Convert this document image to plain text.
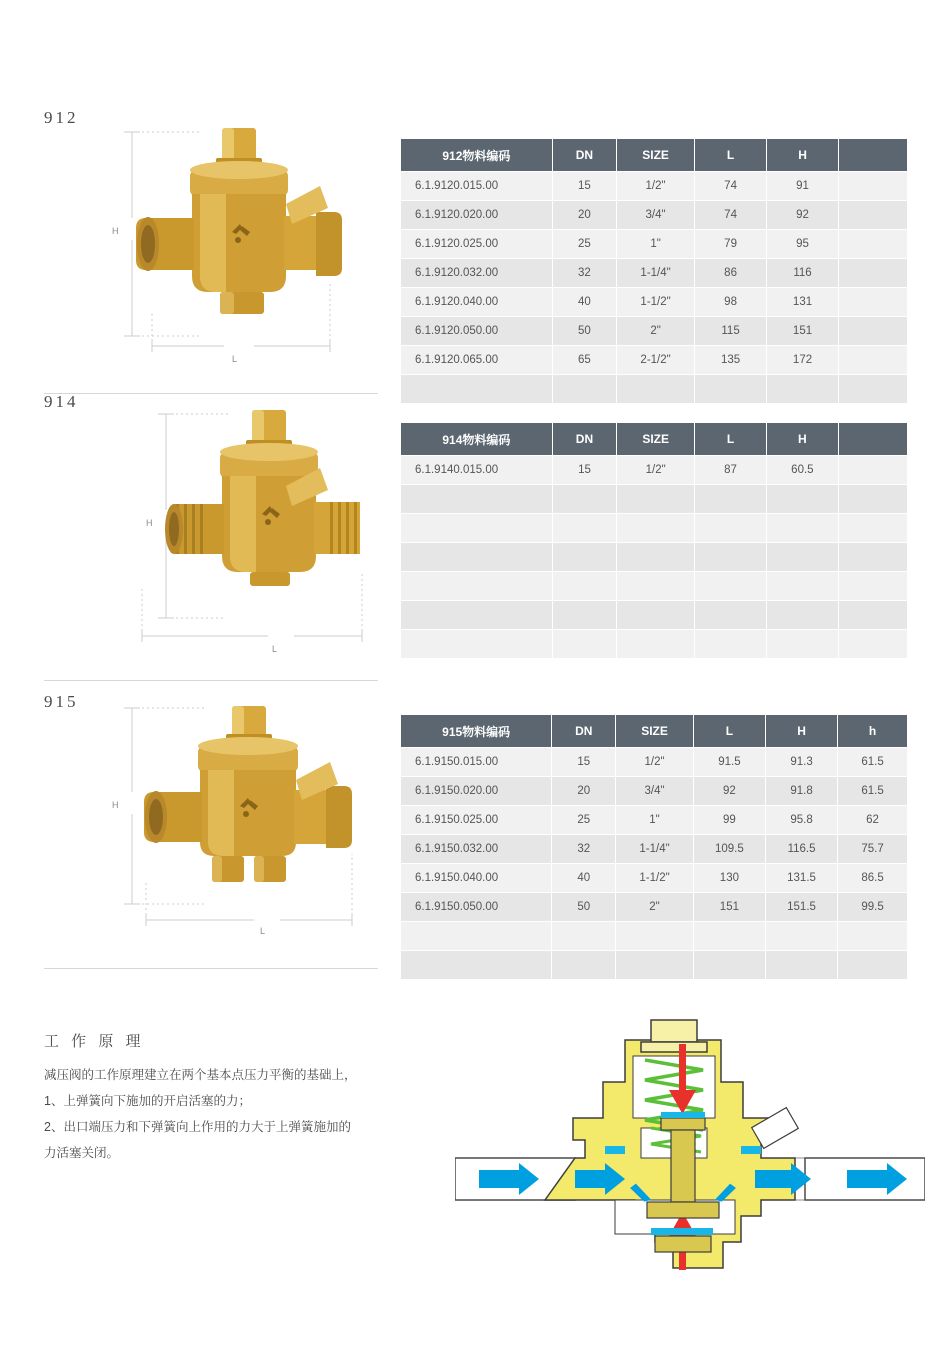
912
H
L
912物料编码	DN	SIZE	L	H	
6.1.9120.015.00	15	1/2"	74	91	
6.1.9120.020.00	20	3/4"	74	92	
6.1.9120.025.00	25	1"	79	95	
6.1.9120.032.00	32	1-1/4"	86	116	
6.1.9120.040.00	40	1-1/2"	98	131	
6.1.9120.050.00	50	2"	115	151	
6.1.9120.065.00	65	2-1/2"	135	172	

914
H
L
914物料编码	DN	SIZE	L	H	
6.1.9140.015.00	15	1/2"	87	60.5	

915
H
L
915物料编码	DN	SIZE	L	H	h
6.1.9150.015.00	15	1/2"	91.5	91.3	61.5
6.1.9150.020.00	20	3/4"	92	91.8	61.5
6.1.9150.025.00	25	1"	99	95.8	62
6.1.9150.032.00	32	1-1/4"	109.5	116.5	75.7
6.1.9150.040.00	40	1-1/2"	130	131.5	86.5
6.1.9150.050.00	50	2"	151	151.5	99.5

工 作 原 理
减压阀的工作原理建立在两个基本点压力平衡的基础上，
1、上弹簧向下施加的开启活塞的力；
2、出口端压力和下弹簧向上作用的力大于上弹簧施加的
力活塞关闭。
